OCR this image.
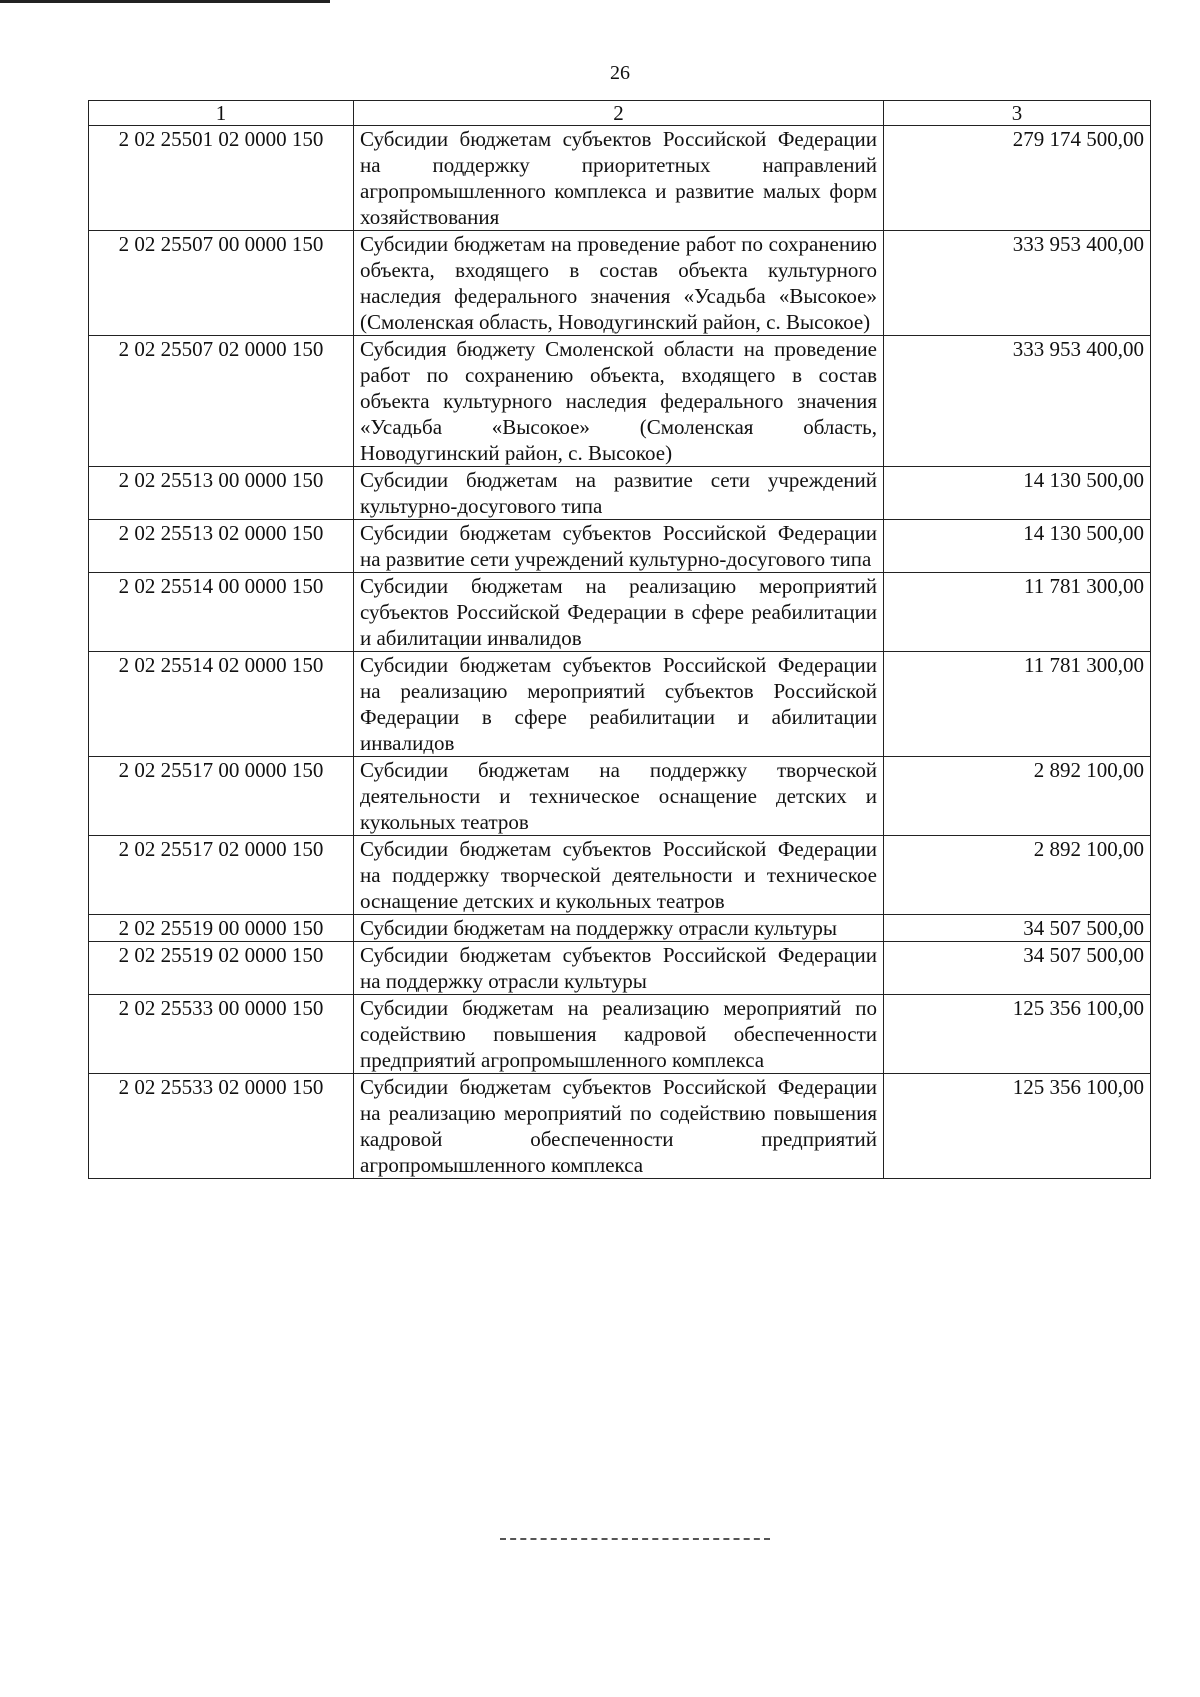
26
1	2	3
2 02 25501 02 0000 150	Субсидии бюджетам субъектов Российской Федерации на поддержку приоритетных направлений агропромышленного комплекса и развитие малых форм хозяйствования	279 174 500,00
2 02 25507 00 0000 150	Субсидии бюджетам на проведение работ по сохранению объекта, входящего в состав объекта культурного наследия федерального значения «Усадьба «Высокое» (Смоленская область, Новодугинский район, с. Высокое)	333 953 400,00
2 02 25507 02 0000 150	Субсидия бюджету Смоленской области на проведение работ по сохранению объекта, входящего в состав объекта культурного наследия федерального значения «Усадьба «Высокое» (Смоленская область, Новодугинский район, с. Высокое)	333 953 400,00
2 02 25513 00 0000 150	Субсидии бюджетам на развитие сети учреждений культурно-досугового типа	14 130 500,00
2 02 25513 02 0000 150	Субсидии бюджетам субъектов Российской Федерации на развитие сети учреждений культурно-досугового типа	14 130 500,00
2 02 25514 00 0000 150	Субсидии бюджетам на реализацию мероприятий субъектов Российской Федерации в сфере реабилитации и абилитации инвалидов	11 781 300,00
2 02 25514 02 0000 150	Субсидии бюджетам субъектов Российской Федерации на реализацию мероприятий субъектов Российской Федерации в сфере реабилитации и абилитации инвалидов	11 781 300,00
2 02 25517 00 0000 150	Субсидии бюджетам на поддержку творческой деятельности и техническое оснащение детских и кукольных театров	2 892 100,00
2 02 25517 02 0000 150	Субсидии бюджетам субъектов Российской Федерации на поддержку творческой деятельности и техническое оснащение детских и кукольных театров	2 892 100,00
2 02 25519 00 0000 150	Субсидии бюджетам на поддержку отрасли культуры	34 507 500,00
2 02 25519 02 0000 150	Субсидии бюджетам субъектов Российской Федерации на поддержку отрасли культуры	34 507 500,00
2 02 25533 00 0000 150	Субсидии бюджетам на реализацию мероприятий по содействию повышения кадровой обеспеченности предприятий агропромышленного комплекса	125 356 100,00
2 02 25533 02 0000 150	Субсидии бюджетам субъектов Российской Федерации на реализацию мероприятий по содействию повышения кадровой обеспеченности предприятий агропромышленного комплекса	125 356 100,00
